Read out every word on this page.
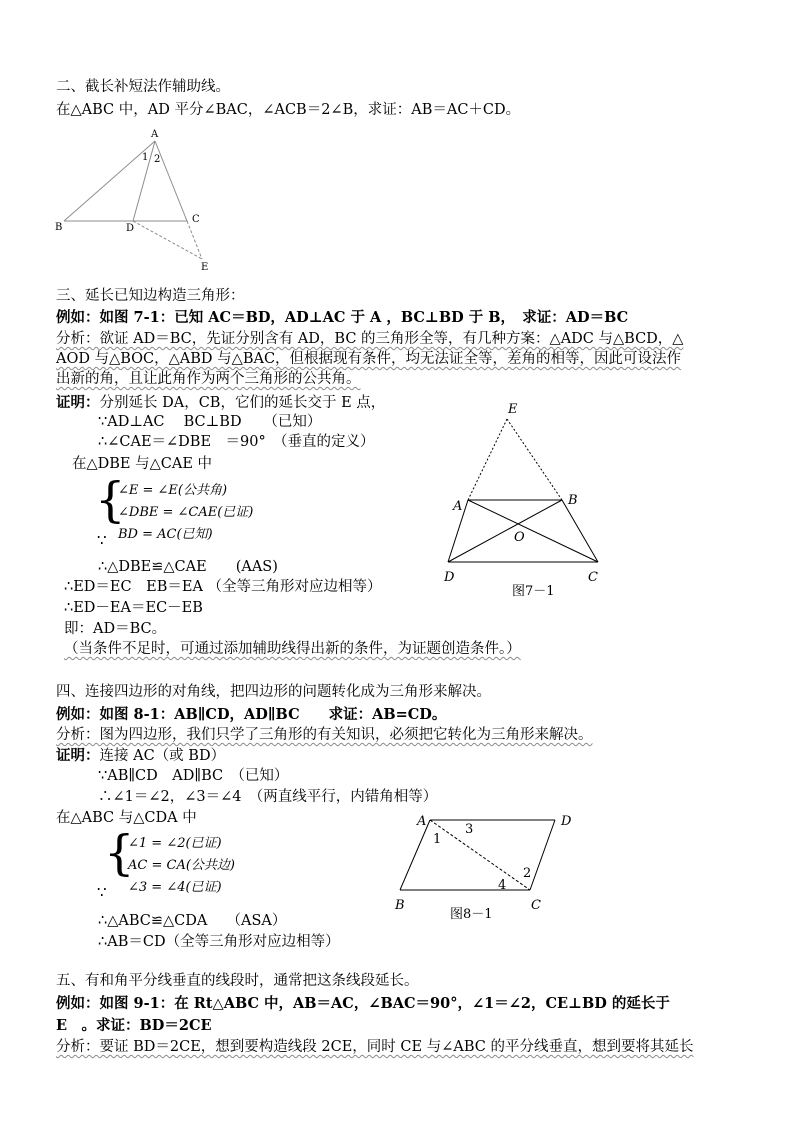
二、截长补短法作辅助线。
在△ABC 中，AD 平分∠BAC，∠ACB＝2∠B，求证：AB＝AC＋CD。
A
B
C
D
E
1 2
三、延长已知边构造三角形：
例如：如图 7-1：已知 AC＝BD，AD⊥AC 于 A ，BC⊥BD 于 B，　求证：AD＝BC
分析：欲证 AD＝BC，先证分别含有 AD，BC 的三角形全等，有几种方案：△ADC 与△BCD，△
AOD 与△BOC，△ABD 与△BAC，但根据现有条件，均无法证全等，差角的相等，因此可设法作
出新的角，且让此角作为两个三角形的公共角。
证明：分别延长 DA，CB，它们的延长交于 E 点，
∵AD⊥AC　 BC⊥BD　　（已知）
∴∠CAE＝∠DBE　＝90°　（垂直的定义）
在△DBE 与△CAE 中
{
∠E = ∠E(公共角)
∠DBE = ∠CAE(已证)
BD = AC(已知)
∵
∴△DBE≌△CAE　　(AAS)
∴ED＝EC　EB＝EA （全等三角形对应边相等）
∴ED－EA＝EC－EB
即：AD＝BC。
（当条件不足时，可通过添加辅助线得出新的条件，为证题创造条件。）
E
A	B
O
D	C
图7－1
四、连接四边形的对角线，把四边形的问题转化成为三角形来解决。
例如：如图 8-1：AB∥CD，AD∥BC　　求证：AB=CD。
分析：图为四边形，我们只学了三角形的有关知识，必须把它转化为三角形来解决。
证明：连接 AC（或 BD）
∵AB∥CD　AD∥BC　（已知）
∴∠1＝∠2，∠3＝∠4　（两直线平行，内错角相等）
在△ABC 与△CDA 中
{
∠1 = ∠2(已证)
AC = CA(公共边)
∠3 = ∠4(已证)
∵
∴△ABC≌△CDA　 （ASA）
∴AB＝CD（全等三角形对应边相等）
A	D
B	C
1
3
2
4
图8－1
五、有和角平分线垂直的线段时，通常把这条线段延长。
例如：如图 9-1：在 Rt△ABC 中，AB＝AC，∠BAC＝90°，∠1＝∠2，CE⊥BD 的延长于
E　。求证：BD＝2CE
分析：要证 BD＝2CE，想到要构造线段 2CE，同时 CE 与∠ABC 的平分线垂直，想到要将其延长
